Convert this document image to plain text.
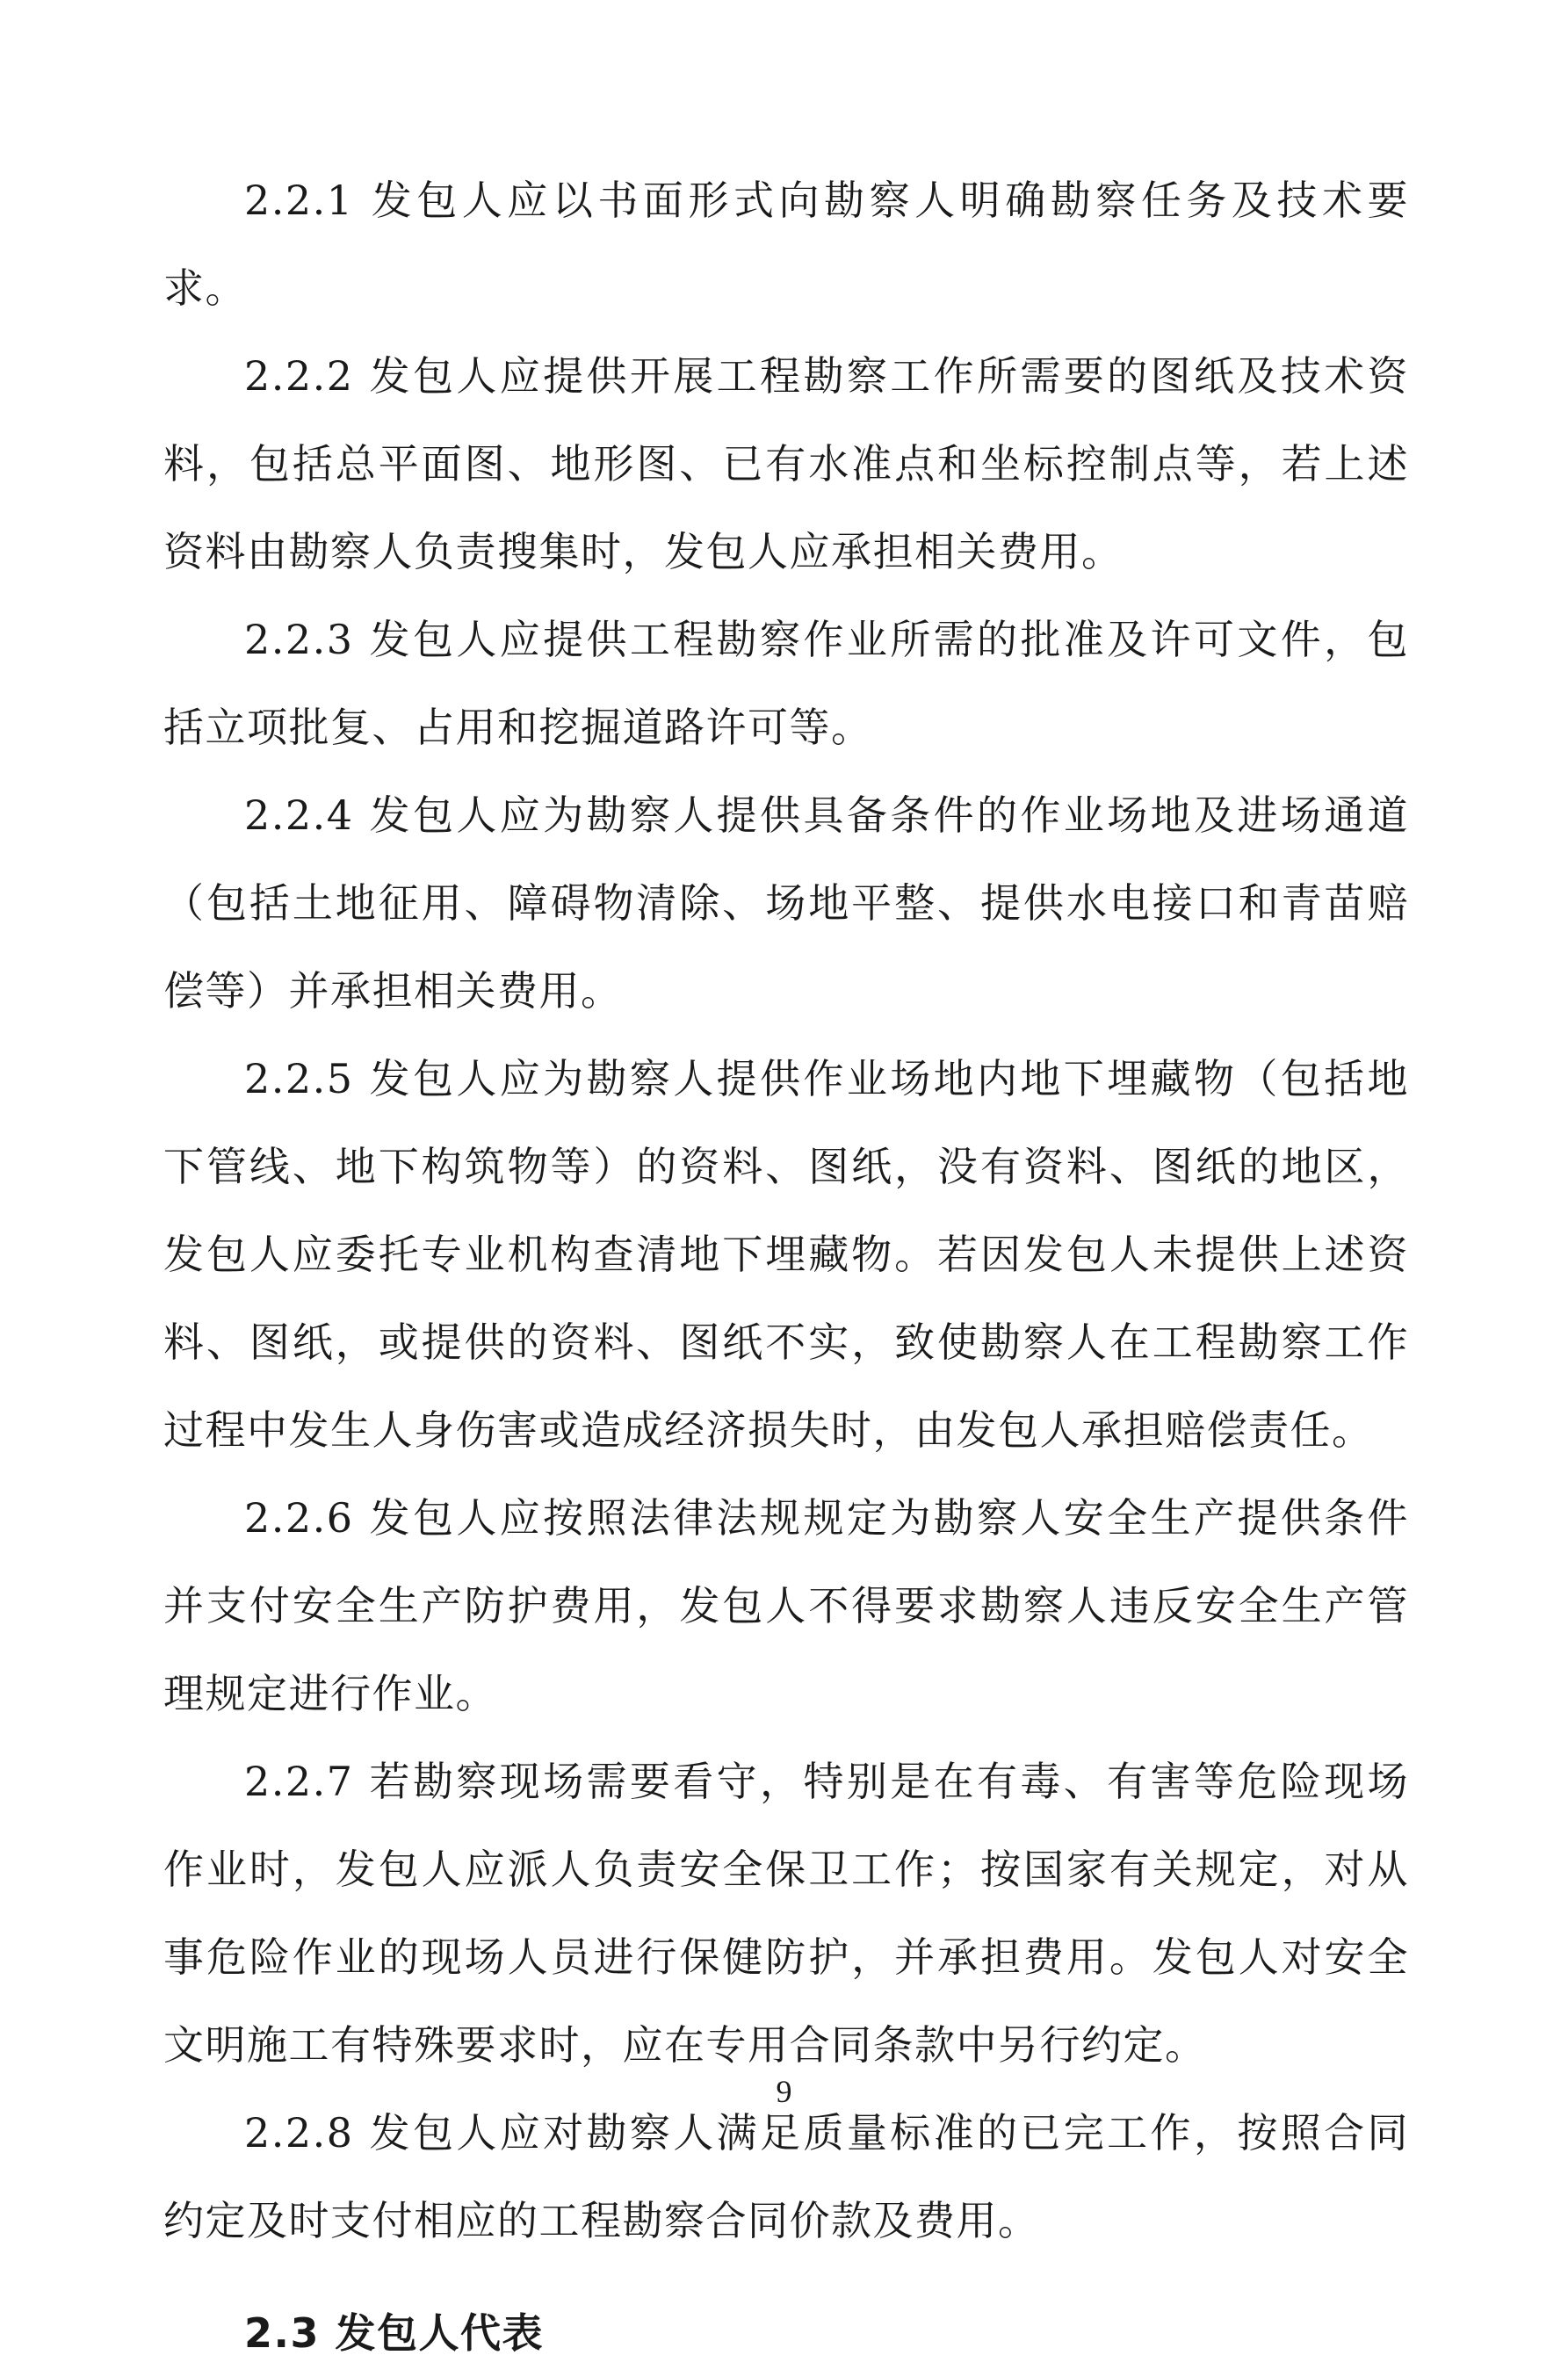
2.2.1 发包人应以书面形式向勘察人明确勘察任务及技术要求。

2.2.2 发包人应提供开展工程勘察工作所需要的图纸及技术资料，包括总平面图、地形图、已有水准点和坐标控制点等，若上述资料由勘察人负责搜集时，发包人应承担相关费用。

2.2.3 发包人应提供工程勘察作业所需的批准及许可文件，包括立项批复、占用和挖掘道路许可等。

2.2.4 发包人应为勘察人提供具备条件的作业场地及进场通道（包括土地征用、障碍物清除、场地平整、提供水电接口和青苗赔偿等）并承担相关费用。

2.2.5 发包人应为勘察人提供作业场地内地下埋藏物（包括地下管线、地下构筑物等）的资料、图纸，没有资料、图纸的地区，发包人应委托专业机构查清地下埋藏物。若因发包人未提供上述资料、图纸，或提供的资料、图纸不实，致使勘察人在工程勘察工作过程中发生人身伤害或造成经济损失时，由发包人承担赔偿责任。

2.2.6 发包人应按照法律法规规定为勘察人安全生产提供条件并支付安全生产防护费用，发包人不得要求勘察人违反安全生产管理规定进行作业。

2.2.7 若勘察现场需要看守，特别是在有毒、有害等危险现场作业时，发包人应派人负责安全保卫工作；按国家有关规定，对从事危险作业的现场人员进行保健防护，并承担费用。发包人对安全文明施工有特殊要求时，应在专用合同条款中另行约定。

2.2.8 发包人应对勘察人满足质量标准的已完工作，按照合同约定及时支付相应的工程勘察合同价款及费用。

2.3 发包人代表
9
